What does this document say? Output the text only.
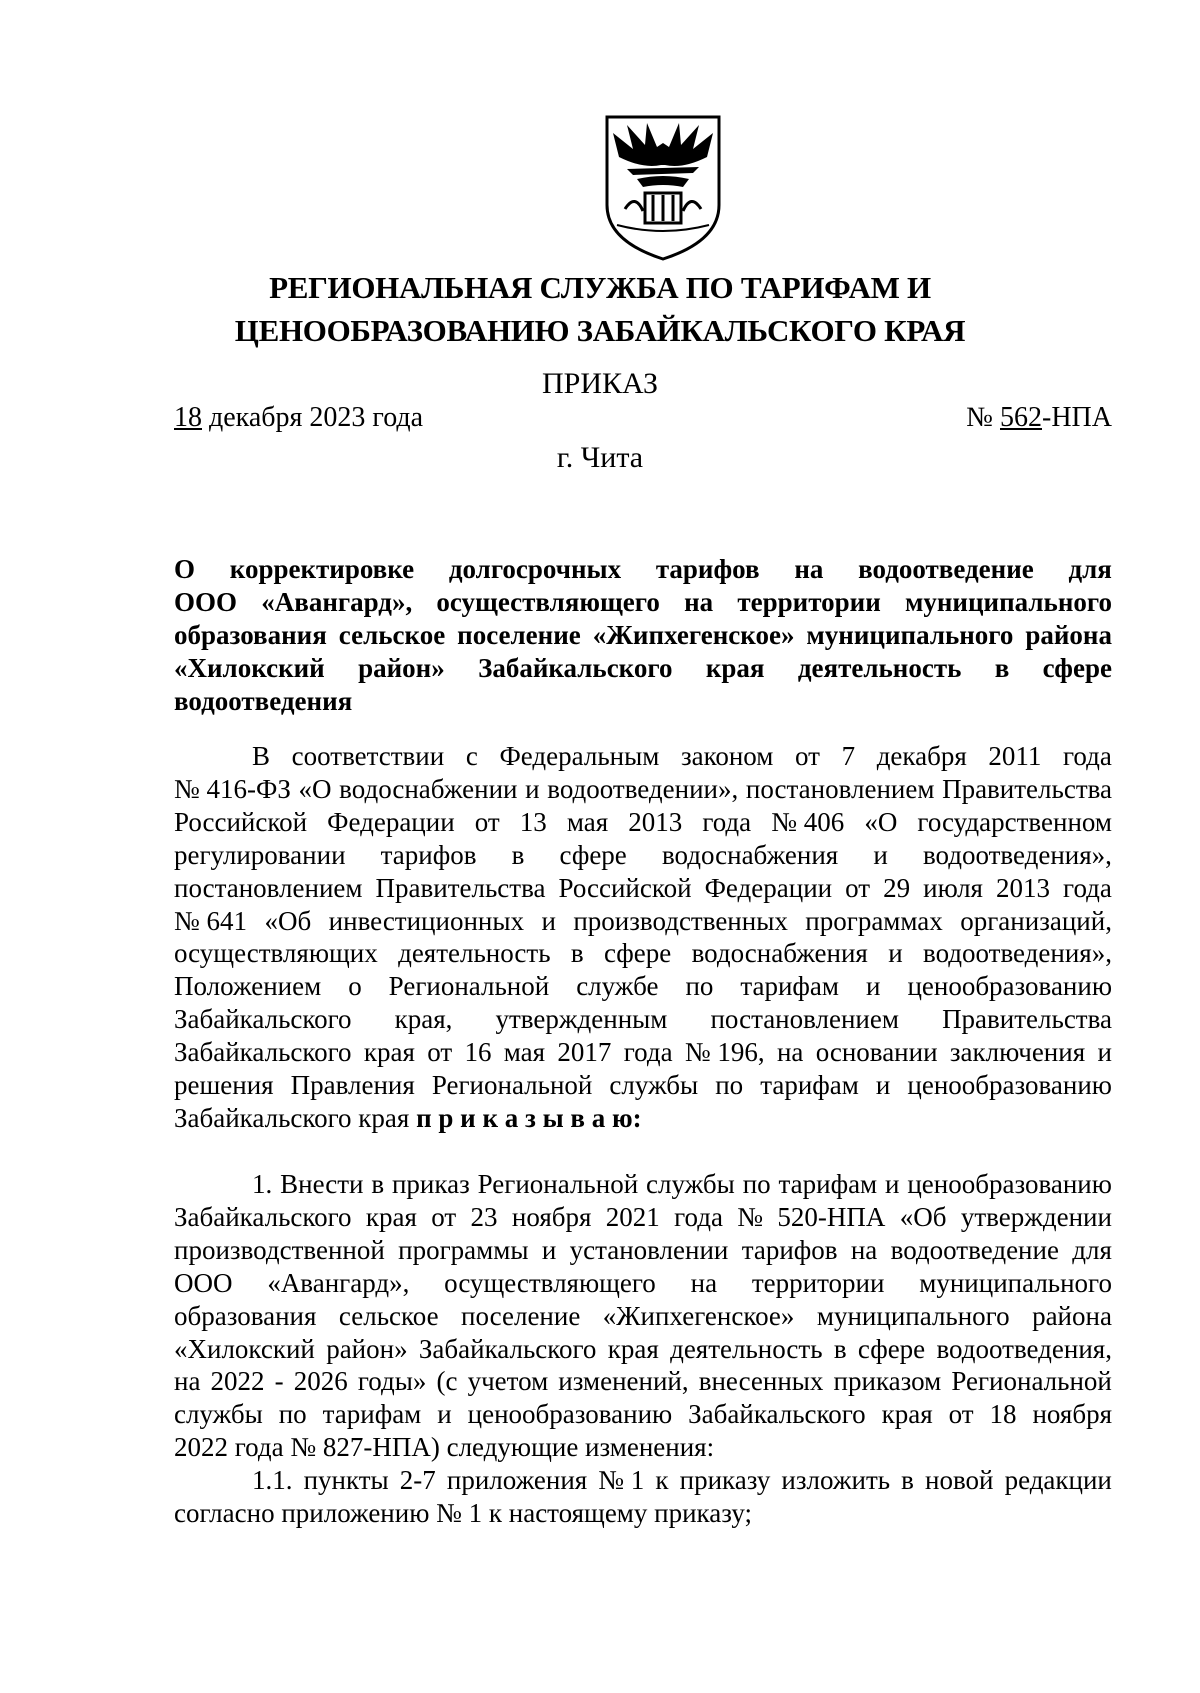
РЕГИОНАЛЬНАЯ СЛУЖБА ПО ТАРИФАМ И
ЦЕНООБРАЗОВАНИЮ ЗАБАЙКАЛЬСКОГО КРАЯ
ПРИКАЗ
18 декабря 2023 года	№ 562-НПА
г. Чита
О корректировке долгосрочных тарифов на водоотведение для
ООО «Авангард», осуществляющего на территории муниципального
образования сельское поселение «Жипхегенское» муниципального района
«Хилокский район» Забайкальского края деятельность в сфере
водоотведения
В соответствии с Федеральным законом от 7 декабря 2011 года
№ 416-ФЗ «О водоснабжении и водоотведении», постановлением Правительства
Российской Федерации от 13 мая 2013 года № 406 «О государственном
регулировании тарифов в сфере водоснабжения и водоотведения»,
постановлением Правительства Российской Федерации от 29 июля 2013 года
№ 641 «Об инвестиционных и производственных программах организаций,
осуществляющих деятельность в сфере водоснабжения и водоотведения»,
Положением о Региональной службе по тарифам и ценообразованию
Забайкальского края, утвержденным постановлением Правительства
Забайкальского края от 16 мая 2017 года № 196, на основании заключения и
решения Правления Региональной службы по тарифам и ценообразованию
Забайкальского края п р и к а з ы в а ю:
1. Внести в приказ Региональной службы по тарифам и ценообразованию
Забайкальского края от 23 ноября 2021 года № 520-НПА «Об утверждении
производственной программы и установлении тарифов на водоотведение для
ООО «Авангард», осуществляющего на территории муниципального
образования сельское поселение «Жипхегенское» муниципального района
«Хилокский район» Забайкальского края деятельность в сфере водоотведения,
на 2022 - 2026 годы» (с учетом изменений, внесенных приказом Региональной
службы по тарифам и ценообразованию Забайкальского края от 18 ноября
2022 года № 827-НПА) следующие изменения:
1.1. пункты 2-7 приложения № 1 к приказу изложить в новой редакции
согласно приложению № 1 к настоящему приказу;
